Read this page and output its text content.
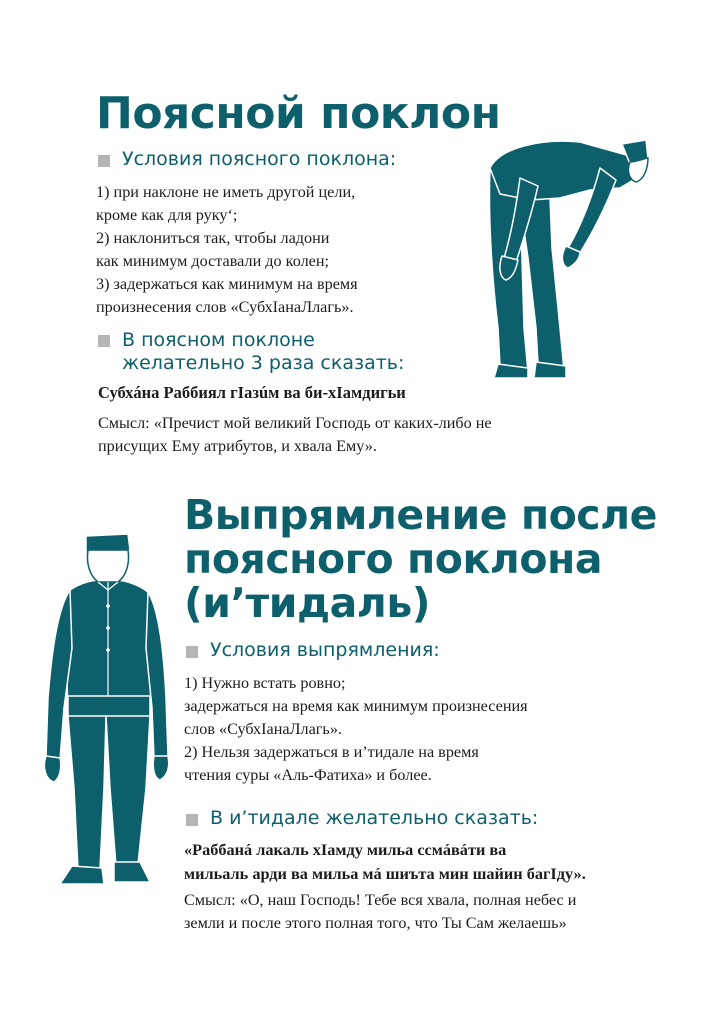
Поясной поклон
Условия поясного поклона:
1) при наклоне не иметь другой цели,
кроме как для руку‘;
2) наклониться так, чтобы ладони
как минимум доставали до колен;
3) задержаться как минимум на время
произнесения слов «СубхIанаЛлагь».
В поясном поклоне
желательно 3 раза сказать:
Субхáна Раббиял гIазúм ва би-хIамдигьи
Смысл: «Пречист мой великий Господь от каких-либо не
присущих Ему атрибутов, и хвала Ему».
Выпрямление после
поясного поклона
(и’тидаль)
Условия выпрямления:
1) Нужно встать ровно;
задержаться на время как минимум произнесения
слов «СубхIанаЛлагь».
2) Нельзя задержаться в и’тидале на время
чтения суры «Аль-Фатиха» и более.
В и’тидале желательно сказать:
«Раббанá лакаль хIамду мильа ссмáвáти ва
мильаль арди ва мильа мá шиъта мин шайин багIду».
Смысл: «О, наш Господь! Тебе вся хвала, полная небес и
земли и после этого полная того, что Ты Сам желаешь»
